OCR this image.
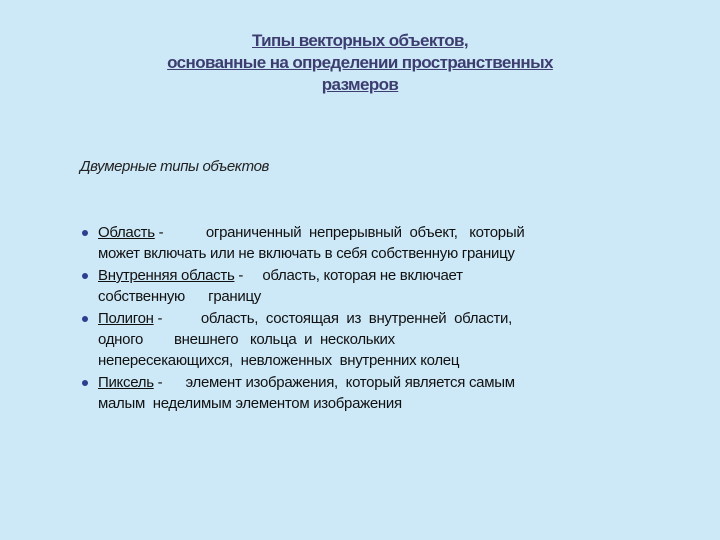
Типы векторных объектов,
основанные на определении пространственных
размеров
Двумерные типы объектов
Область -           ограниченный  непрерывный  объект,   который
может включать или не включать в себя собственную границу
Внутренняя область -     область, которая не включает
собственную      границу
Полигон -          область,  состоящая  из  внутренней  области,
одного        внешнего   кольца  и  нескольких
непересекающихся,  невложенных  внутренних колец
Пиксель -      элемент изображения,  который является самым
малым  неделимым элементом изображения
